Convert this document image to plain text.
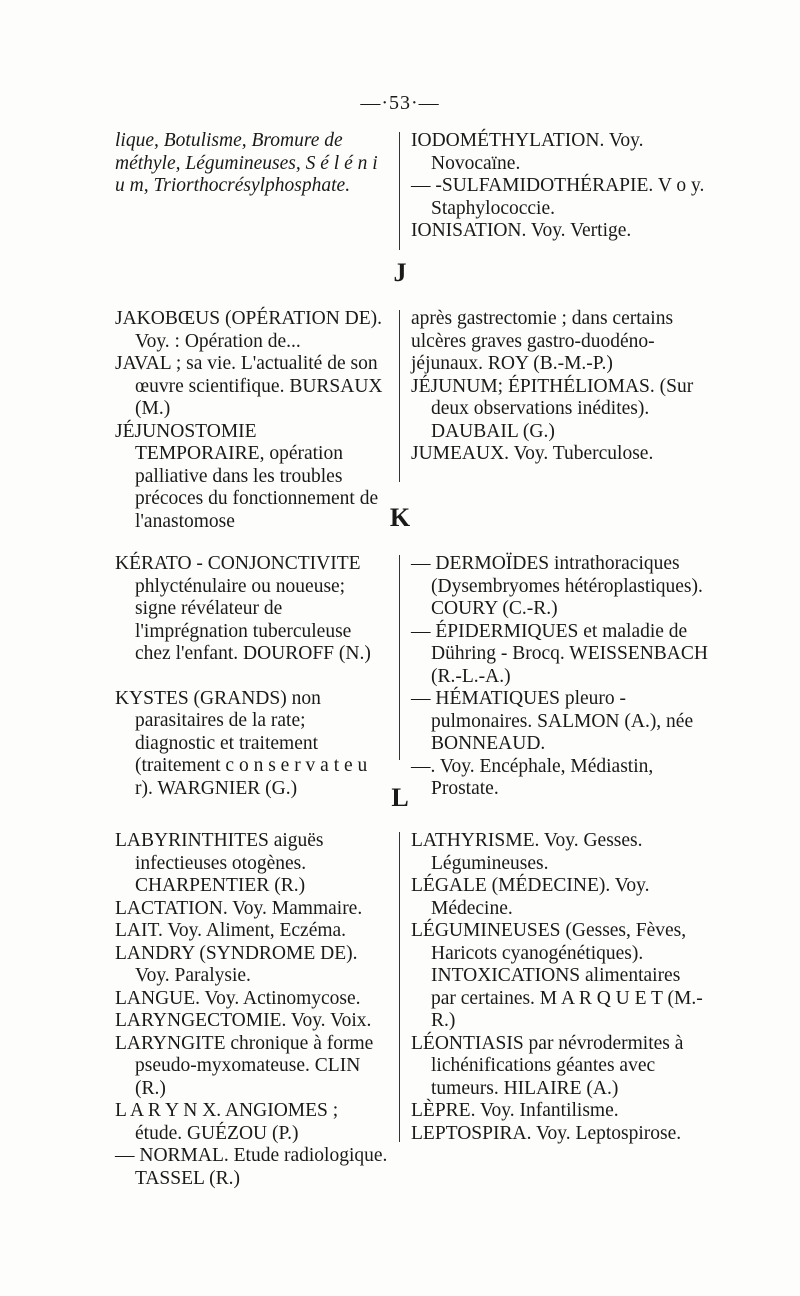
—·53·—

lique, Botulisme, Bromure de méthyle, Légumineuses, S é l é n i u m, Triorthocrésylphosphate.

IODOMÉTHYLATION. Voy. Novocaïne.

— -SULFAMIDOTHÉRAPIE. V o y. Staphylococcie.

IONISATION. Voy. Vertige.

J

JAKOBŒUS (OPÉRATION DE). Voy. : Opération de...

JAVAL ; sa vie. L'actualité de son œuvre scientifique. BURSAUX (M.)

JÉJUNOSTOMIE TEMPORAIRE, opération palliative dans les troubles précoces du fonctionnement de l'anastomose

après gastrectomie ; dans certains ulcères graves gastro-duodéno-jéjunaux. ROY (B.-M.-P.)

JÉJUNUM; ÉPITHÉLIOMAS. (Sur deux observations inédites). DAUBAIL (G.)

JUMEAUX. Voy. Tuberculose.

K

KÉRATO - CONJONCTIVITE phlycténulaire ou noueuse; signe révélateur de l'imprégnation tuberculeuse chez l'enfant. DOUROFF (N.)

KYSTES (GRANDS) non parasitaires de la rate; diagnostic et traitement (traitement c o n s e r v a t e u r). WARGNIER (G.)

— DERMOÏDES intrathoraciques (Dysembryomes hétéroplastiques). COURY (C.-R.)

— ÉPIDERMIQUES et maladie de Dühring - Brocq. WEISSENBACH (R.-L.-A.)

— HÉMATIQUES pleuro - pulmonaires. SALMON (A.), née BONNEAUD.

—. Voy. Encéphale, Médiastin, Prostate.

L

LABYRINTHITES aiguës infectieuses otogènes. CHARPENTIER (R.)

LACTATION. Voy. Mammaire.

LAIT. Voy. Aliment, Eczéma.

LANDRY (SYNDROME DE). Voy. Paralysie.

LANGUE. Voy. Actinomycose.

LARYNGECTOMIE. Voy. Voix.

LARYNGITE chronique à forme pseudo-myxomateuse. CLIN (R.)

L A R Y N X. ANGIOMES ; étude. GUÉZOU (P.)

— NORMAL. Etude radiologique. TASSEL (R.)

LATHYRISME. Voy. Gesses. Légumineuses.

LÉGALE (MÉDECINE). Voy. Médecine.

LÉGUMINEUSES (Gesses, Fèves, Haricots cyanogénétiques). INTOXICATIONS alimentaires par certaines. M A R Q U E T (M.-R.)

LÉONTIASIS par névrodermites à lichénifications géantes avec tumeurs. HILAIRE (A.)

LÈPRE. Voy. Infantilisme.

LEPTOSPIRA. Voy. Leptospirose.
